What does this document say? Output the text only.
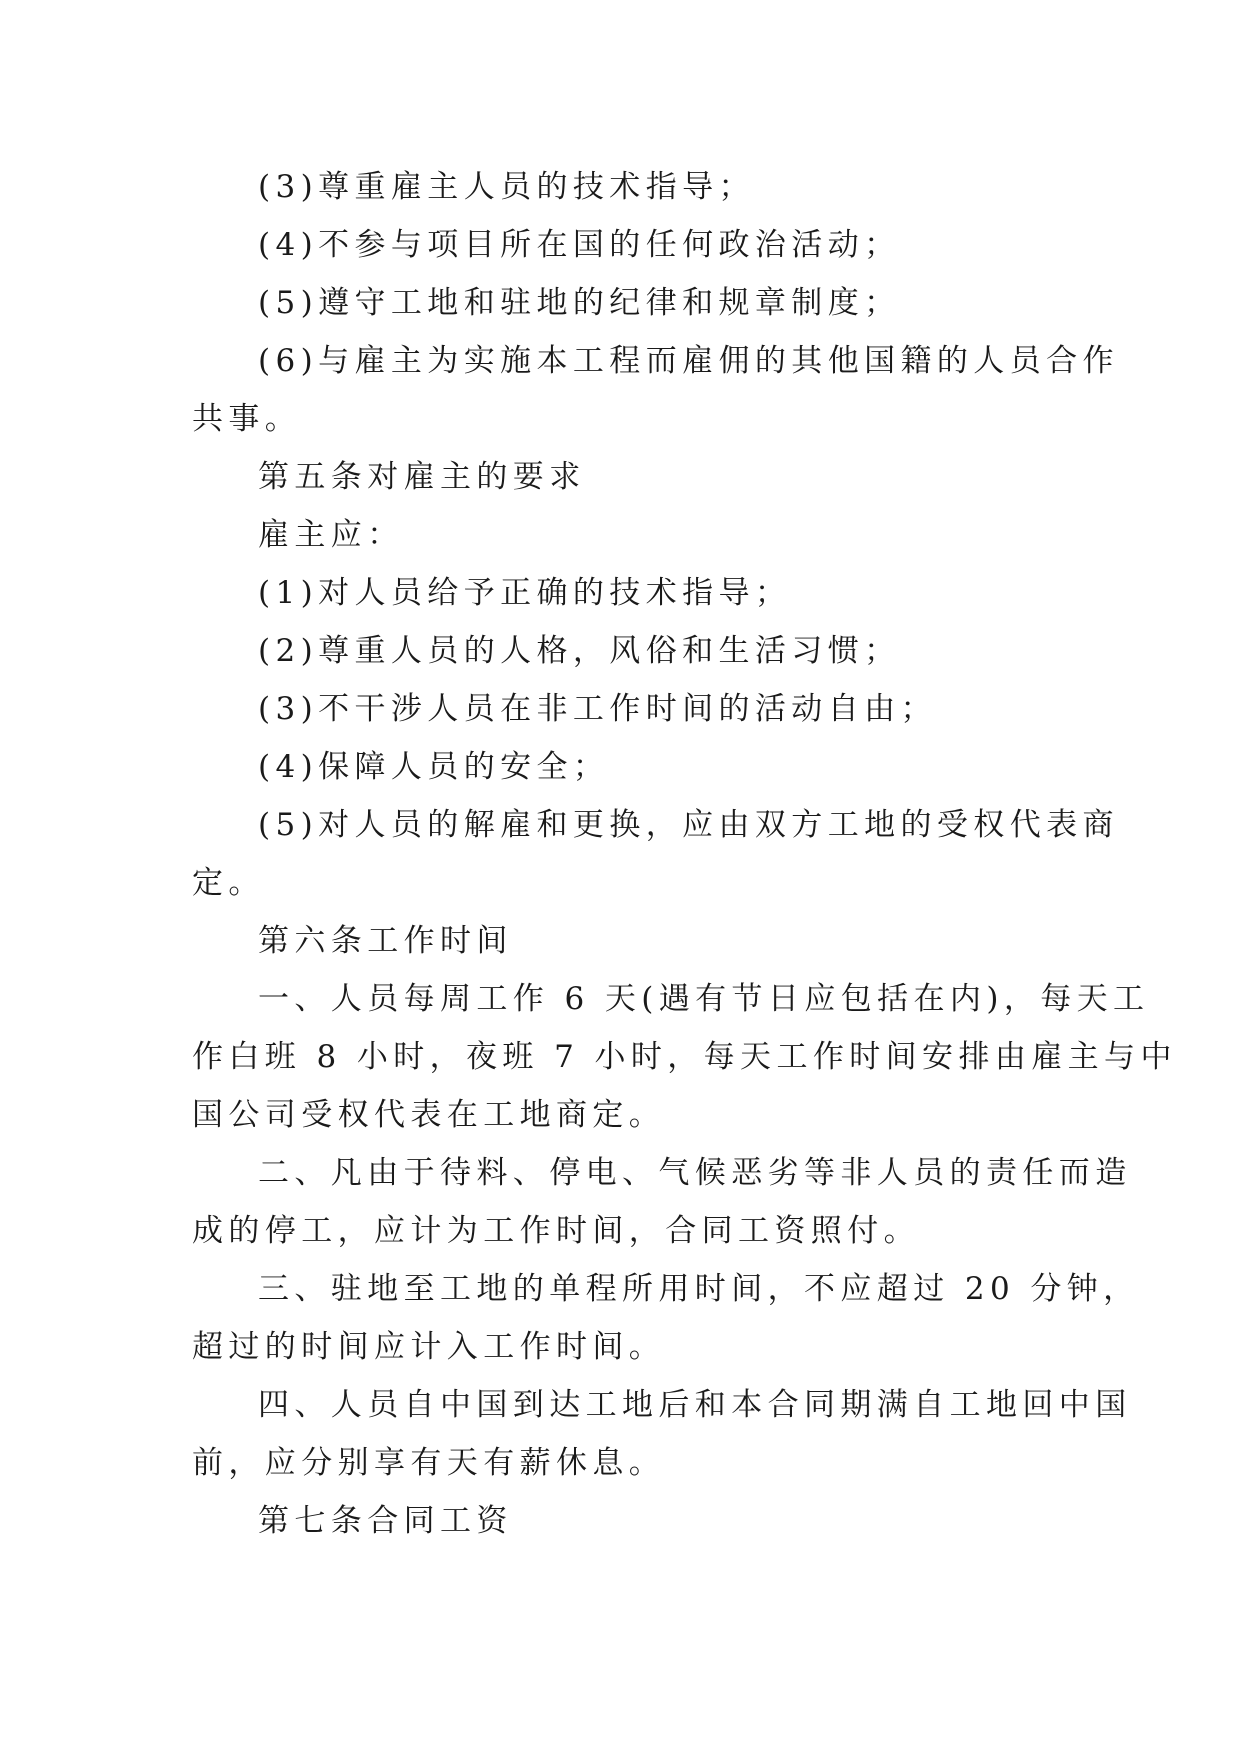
(3)尊重雇主人员的技术指导；
(4)不参与项目所在国的任何政治活动；
(5)遵守工地和驻地的纪律和规章制度；
(6)与雇主为实施本工程而雇佣的其他国籍的人员合作
共事。
第五条对雇主的要求
雇主应：
(1)对人员给予正确的技术指导；
(2)尊重人员的人格，风俗和生活习惯；
(3)不干涉人员在非工作时间的活动自由；
(4)保障人员的安全；
(5)对人员的解雇和更换，应由双方工地的受权代表商
定。
第六条工作时间
一、人员每周工作 6 天(遇有节日应包括在内)，每天工
作白班 8 小时，夜班 7 小时，每天工作时间安排由雇主与中
国公司受权代表在工地商定。
二、凡由于待料、停电、气候恶劣等非人员的责任而造
成的停工，应计为工作时间，合同工资照付。
三、驻地至工地的单程所用时间，不应超过 20 分钟，
超过的时间应计入工作时间。
四、人员自中国到达工地后和本合同期满自工地回中国
前，应分别享有天有薪休息。
第七条合同工资
